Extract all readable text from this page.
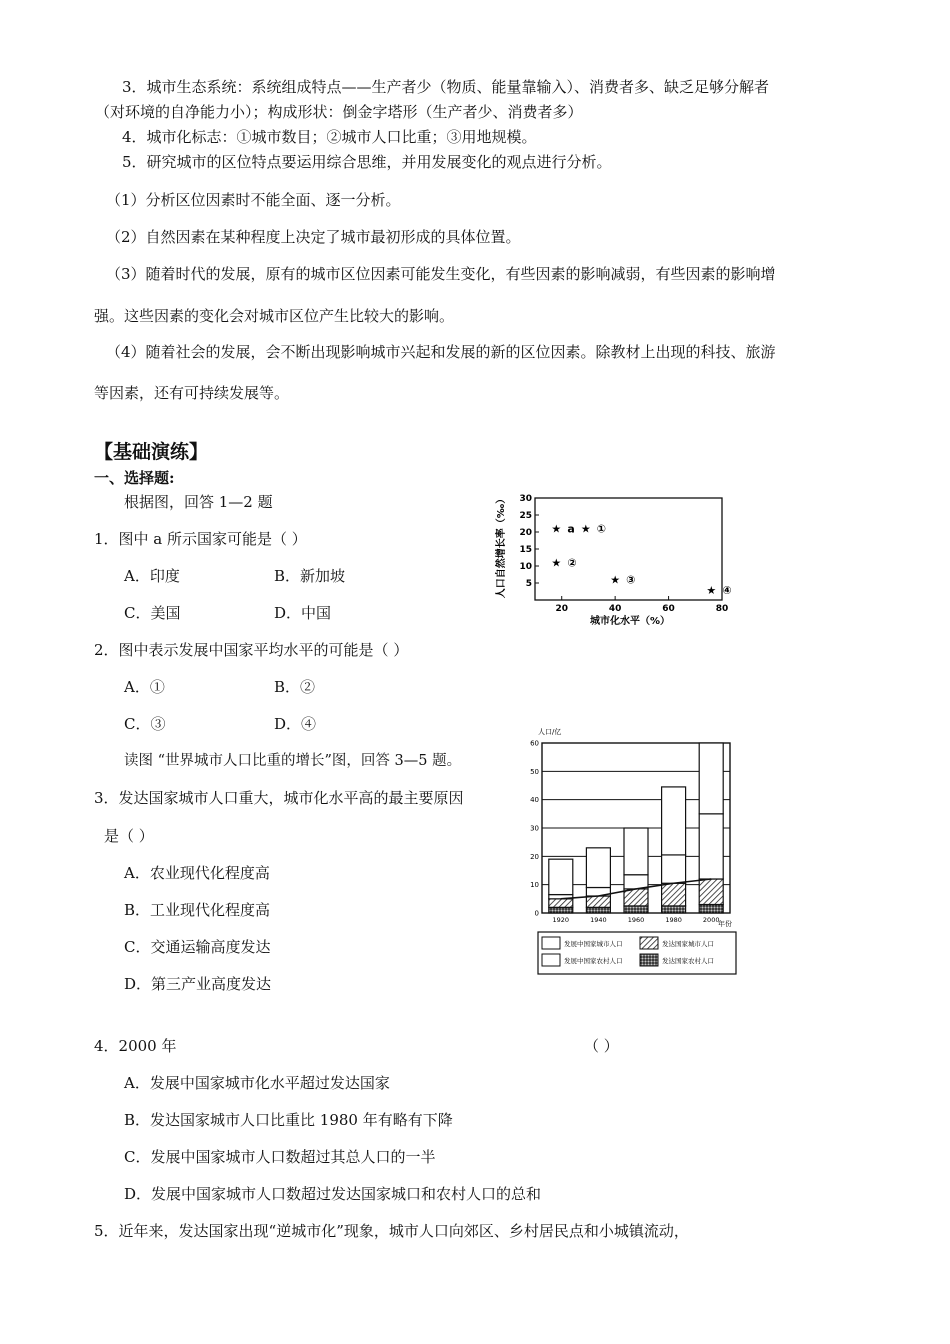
3．城市生态系统：系统组成特点——生产者少（物质、能量靠输入）、消费者多、缺乏足够分解者
（对环境的自净能力小）；构成形状：倒金字塔形（生产者少、消费者多）
4．城市化标志：①城市数目；②城市人口比重；③用地规模。
5．研究城市的区位特点要运用综合思维，并用发展变化的观点进行分析。
（1）分析区位因素时不能全面、逐一分析。
（2）自然因素在某种程度上决定了城市最初形成的具体位置。
（3）随着时代的发展，原有的城市区位因素可能发生变化，有些因素的影响减弱，有些因素的影响增
强。这些因素的变化会对城市区位产生比较大的影响。
（4）随着社会的发展，会不断出现影响城市兴起和发展的新的区位因素。除教材上出现的科技、旅游
等因素，还有可持续发展等。
【基础演练】
一、选择题:
根据图，回答 1—2 题
1．图中 a 所示国家可能是（ ）
A．印度	B．新加坡
C．美国	D．中国
2．图中表示发展中国家平均水平的可能是（ ）
A．①	B．②
C．③	D．④
读图 “世界城市人口比重的增长”图，回答 3—5 题。
3．发达国家城市人口重大，城市化水平高的最主要原因
是（ ）
A．农业现代化程度高
B．工业现代化程度高
C．交通运输高度发达
D．第三产业高度发达
4．2000 年	（ ）
A．发展中国家城市化水平超过发达国家
B．发达国家城市人口比重比 1980 年有略有下降
C．发展中国家城市人口数超过其总人口的一半
D．发展中国家城市人口数超过发达国家城口和农村人口的总和
5．近年来，发达国家出现“逆城市化”现象，城市人口向郊区、乡村居民点和小城镇流动，
20	40	60	80
5
10
15
20
25
30
★ a ★ ①
★ ②
★ ③
★ ④
城市化水平（%）
人口自然增长率（‰）
人口/亿
0
10
20
30
40
50
60
1920	1940	1960	1980	2000
年份
发展中国家城市人口	发达国家城市人口
发展中国家农村人口	发达国家农村人口
